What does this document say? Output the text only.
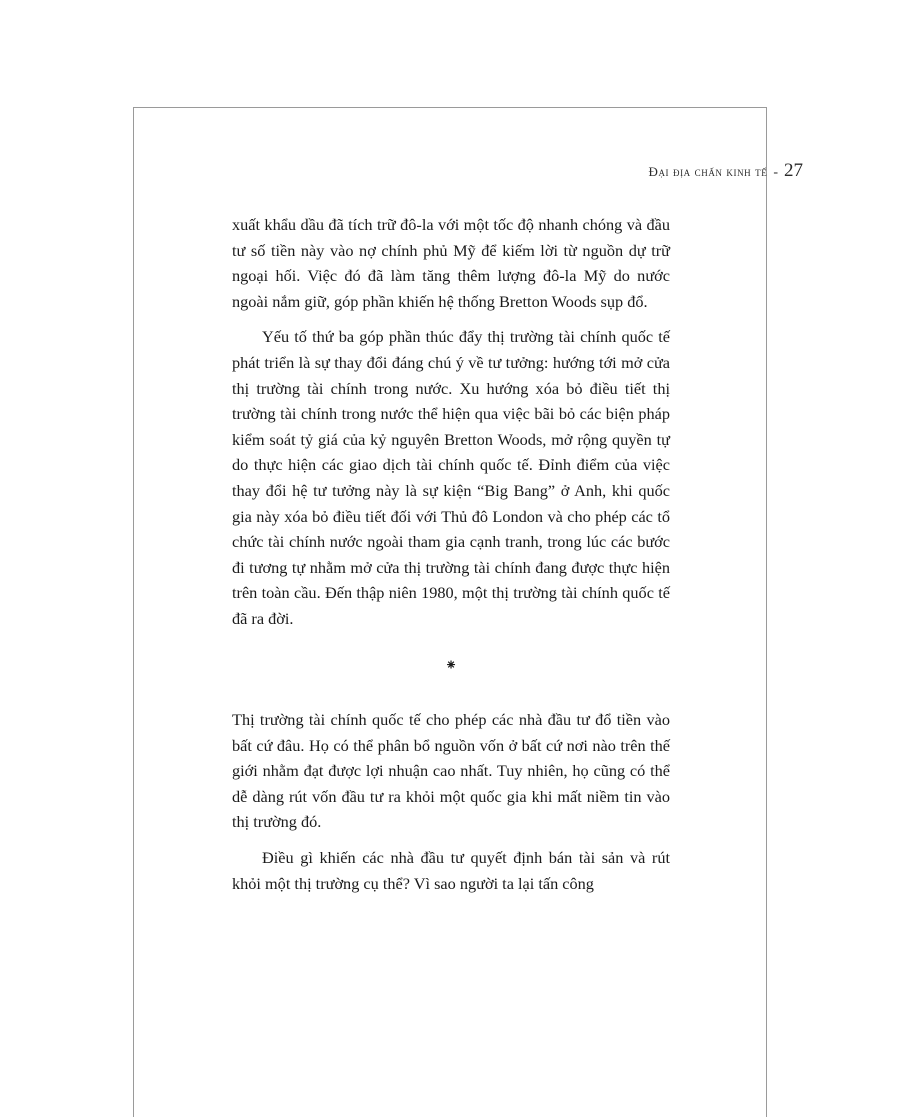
Đại địa chấn kinh tế - 27

xuất khẩu dầu đã tích trữ đô-la với một tốc độ nhanh chóng và đầu tư số tiền này vào nợ chính phủ Mỹ để kiếm lời từ nguồn dự trữ ngoại hối. Việc đó đã làm tăng thêm lượng đô-la Mỹ do nước ngoài nắm giữ, góp phần khiến hệ thống Bretton Woods sụp đổ.

Yếu tố thứ ba góp phần thúc đẩy thị trường tài chính quốc tế phát triển là sự thay đổi đáng chú ý về tư tưởng: hướng tới mở cửa thị trường tài chính trong nước. Xu hướng xóa bỏ điều tiết thị trường tài chính trong nước thể hiện qua việc bãi bỏ các biện pháp kiểm soát tỷ giá của kỷ nguyên Bretton Woods, mở rộng quyền tự do thực hiện các giao dịch tài chính quốc tế. Đỉnh điểm của việc thay đổi hệ tư tưởng này là sự kiện “Big Bang” ở Anh, khi quốc gia này xóa bỏ điều tiết đối với Thủ đô London và cho phép các tổ chức tài chính nước ngoài tham gia cạnh tranh, trong lúc các bước đi tương tự nhằm mở cửa thị trường tài chính đang được thực hiện trên toàn cầu. Đến thập niên 1980, một thị trường tài chính quốc tế đã ra đời.

⁕

Thị trường tài chính quốc tế cho phép các nhà đầu tư đổ tiền vào bất cứ đâu. Họ có thể phân bổ nguồn vốn ở bất cứ nơi nào trên thế giới nhằm đạt được lợi nhuận cao nhất. Tuy nhiên, họ cũng có thể dễ dàng rút vốn đầu tư ra khỏi một quốc gia khi mất niềm tin vào thị trường đó.

Điều gì khiến các nhà đầu tư quyết định bán tài sản và rút khỏi một thị trường cụ thể? Vì sao người ta lại tấn công
